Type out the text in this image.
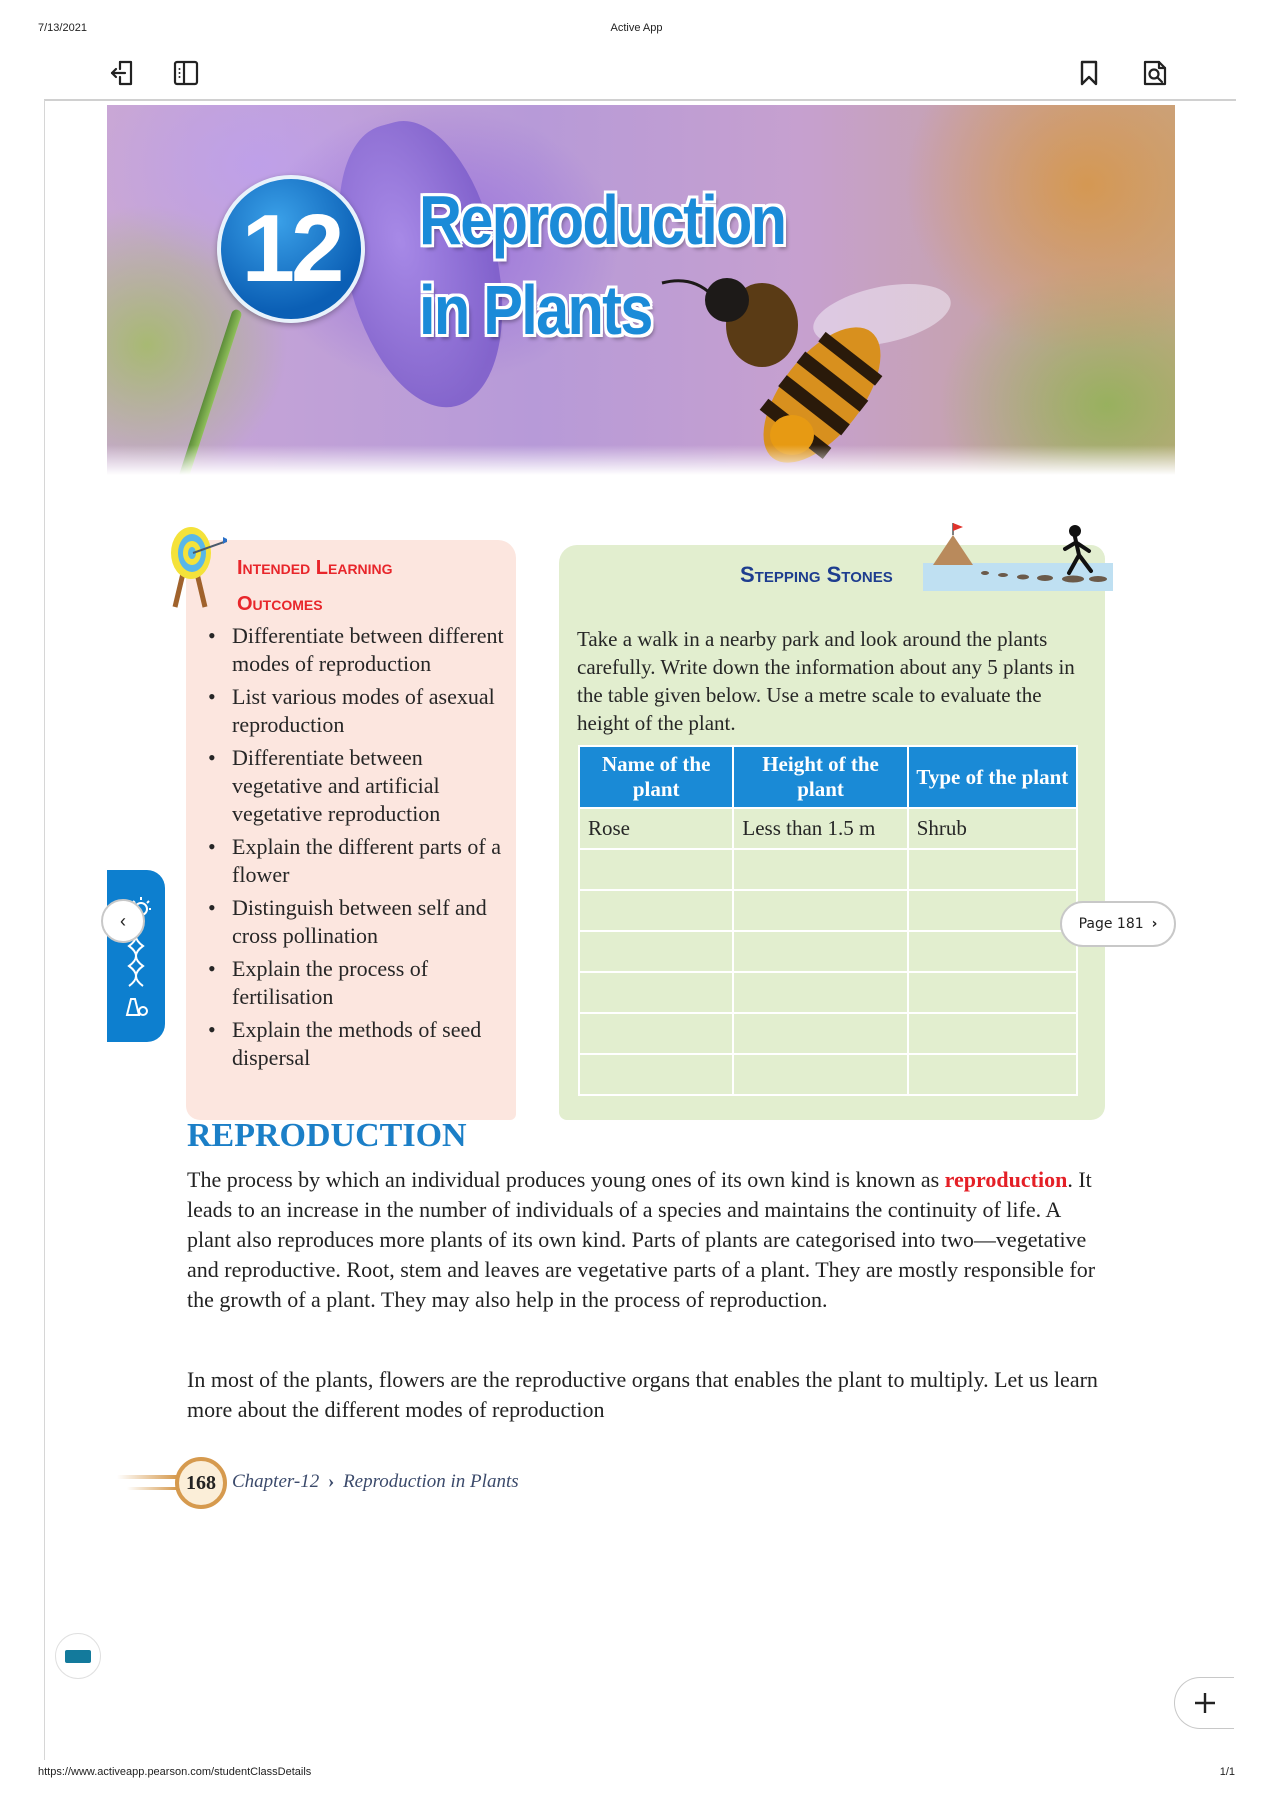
7/13/2021	Active App
12	Reproduction
in Plants
Intended Learning
Outcomes
• Differentiate between different modes of reproduction
• List various modes of asexual reproduction
• Differentiate between vegetative and artificial vegetative reproduction
• Explain the different parts of a flower
• Distinguish between self and cross pollination
• Explain the process of fertilisation
• Explain the methods of seed dispersal
Stepping Stones
Take a walk in a nearby park and look around the plants carefully. Write down the information about any 5 plants in the table given below. Use a metre scale to evaluate the height of the plant.
Name of the plant	Height of the plant	Type of the plant
Rose	Less than 1.5 m	Shrub

REPRODUCTION

The process by which an individual produces young ones of its own kind is known as reproduction. It leads to an increase in the number of individuals of a species and maintains the continuity of life. A plant also reproduces more plants of its own kind. Parts of plants are categorised into two—vegetative and reproductive. Root, stem and leaves are vegetative parts of a plant. They are mostly responsible for the growth of a plant. They may also help in the process of reproduction.

In most of the plants, flowers are the reproductive organs that enables the plant to multiply. Let us learn more about the different modes of reproduction

168 Chapter-12 › Reproduction in Plants
‹	Page 181 ›
https://www.activeapp.pearson.com/studentClassDetails	1/1
